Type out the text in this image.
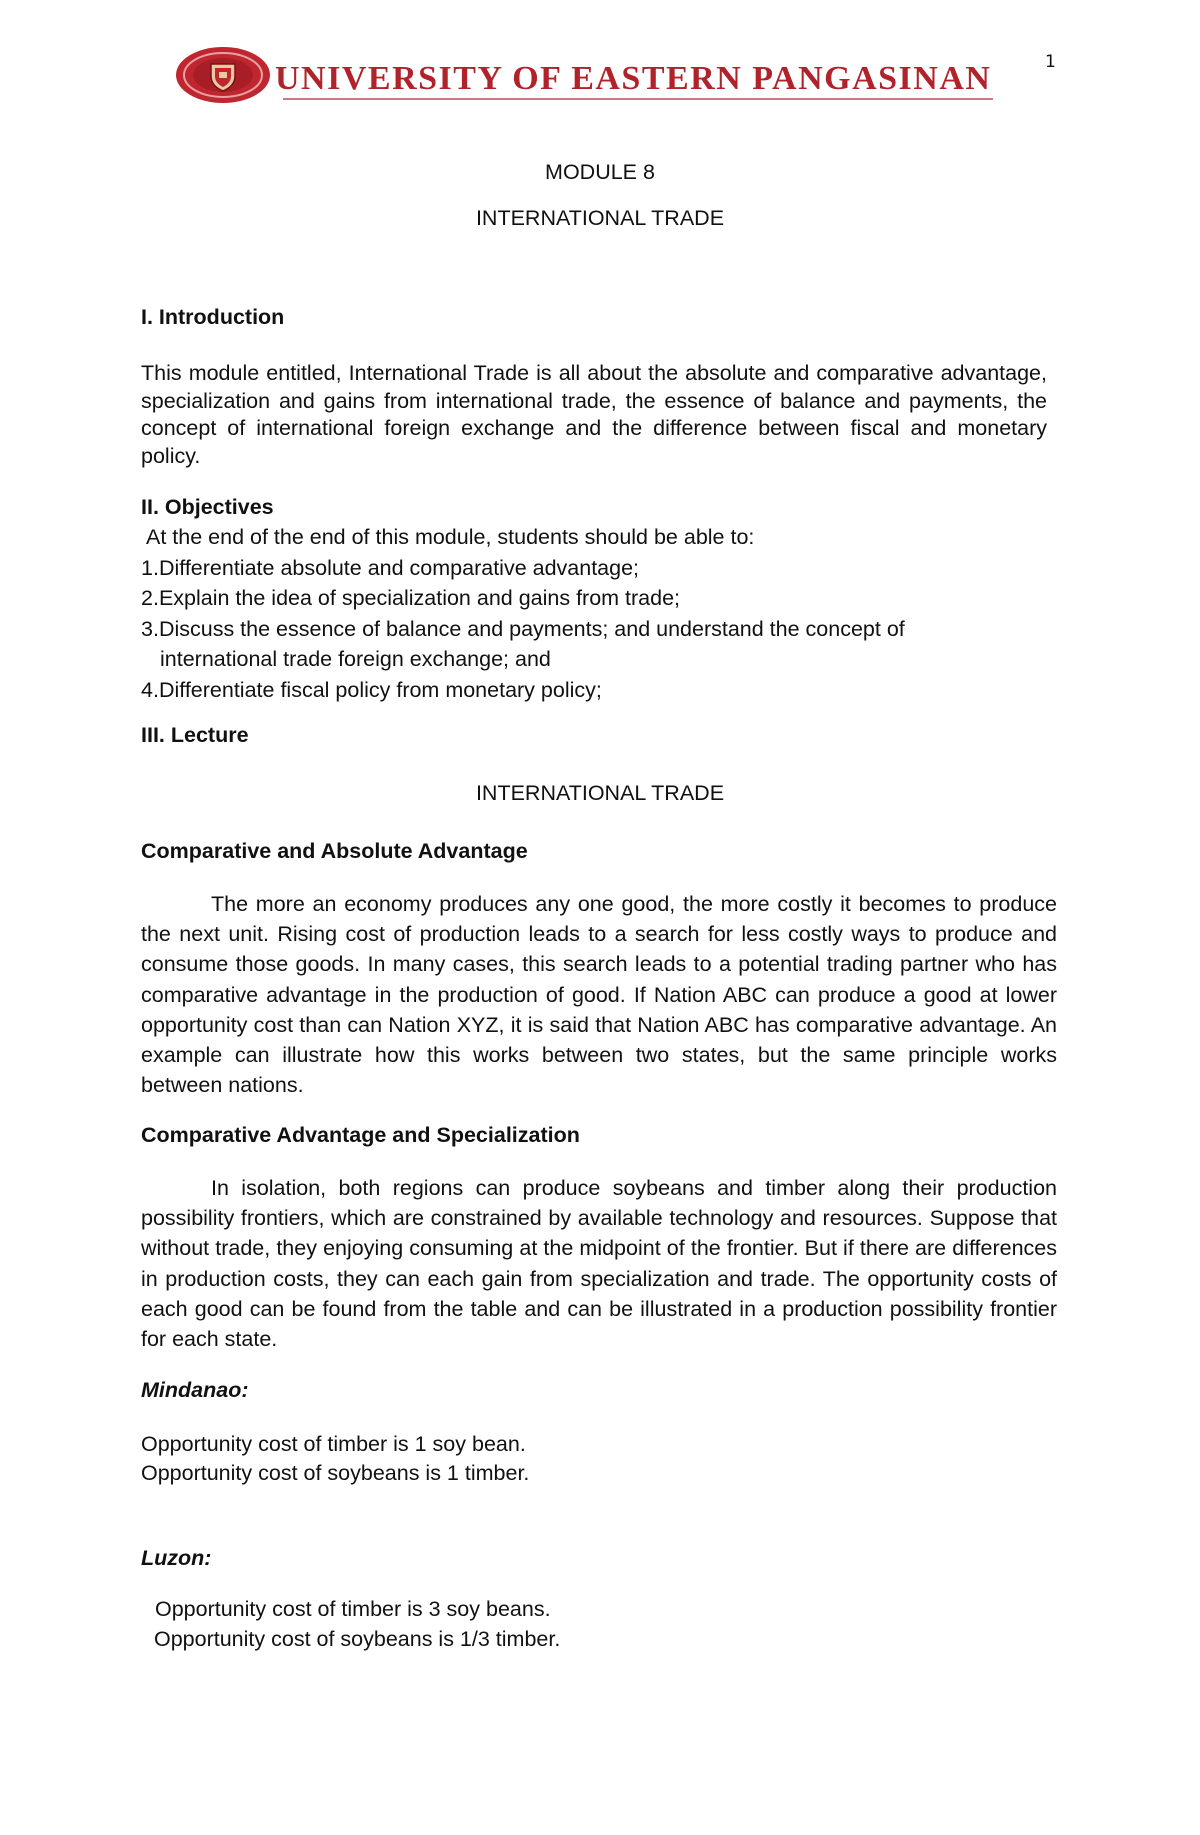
1
UNIVERSITY OF EASTERN PANGASINAN
MODULE 8
INTERNATIONAL TRADE
I. Introduction
This module entitled, International Trade is all about the absolute and comparative advantage, specialization and gains from international trade, the essence of balance and payments, the concept of international foreign exchange and the difference between fiscal and monetary policy.
II. Objectives
At the end of the end of this module, students should be able to:
1.Differentiate absolute and comparative advantage;
2.Explain the idea of specialization and gains from trade;
3.Discuss the essence of balance and payments; and understand the concept of
international trade foreign exchange; and
4.Differentiate fiscal policy from monetary policy;
III. Lecture
INTERNATIONAL TRADE
Comparative and Absolute Advantage
The more an economy produces any one good, the more costly it becomes to produce the next unit. Rising cost of production leads to a search for less costly ways to produce and consume those goods. In many cases, this search leads to a potential trading partner who has comparative advantage in the production of good. If Nation ABC can produce a good at lower opportunity cost than can Nation XYZ, it is said that Nation ABC has comparative advantage. An example can illustrate how this works between two states, but the same principle works between nations.
Comparative Advantage and Specialization
In isolation, both regions can produce soybeans and timber along their production possibility frontiers, which are constrained by available technology and resources. Suppose that without trade, they enjoying consuming at the midpoint of the frontier. But if there are differences in production costs, they can each gain from specialization and trade. The opportunity costs of each good can be found from the table and can be illustrated in a production possibility frontier for each state.
Mindanao:
Opportunity cost of timber is 1 soy bean.
Opportunity cost of soybeans is 1 timber.
Luzon:
Opportunity cost of timber is 3 soy beans.
Opportunity cost of soybeans is 1/3 timber.
